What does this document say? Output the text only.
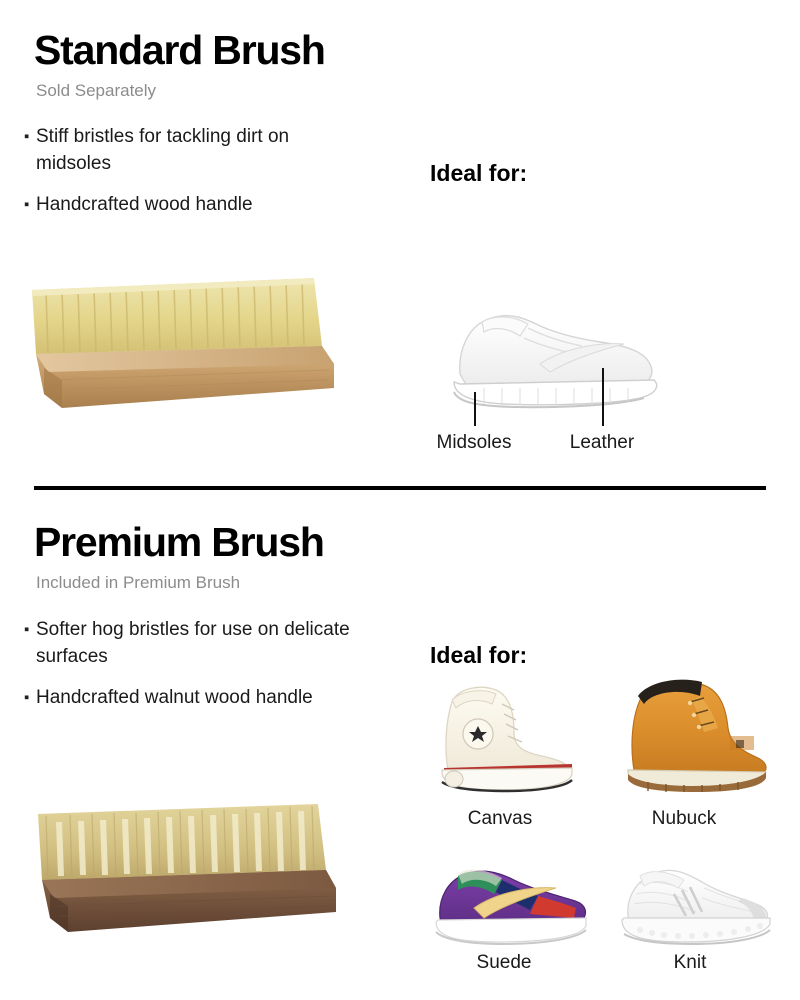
Standard Brush
Sold Separately
▪ Stiff bristles for tackling dirt on midsoles
▪ Handcrafted wood handle
Ideal for:
Midsoles	Leather
Premium Brush
Included in Premium Brush
▪ Softer hog bristles for use on delicate surfaces
▪ Handcrafted walnut wood handle
Ideal for:
Canvas	Nubuck
Suede	Knit
